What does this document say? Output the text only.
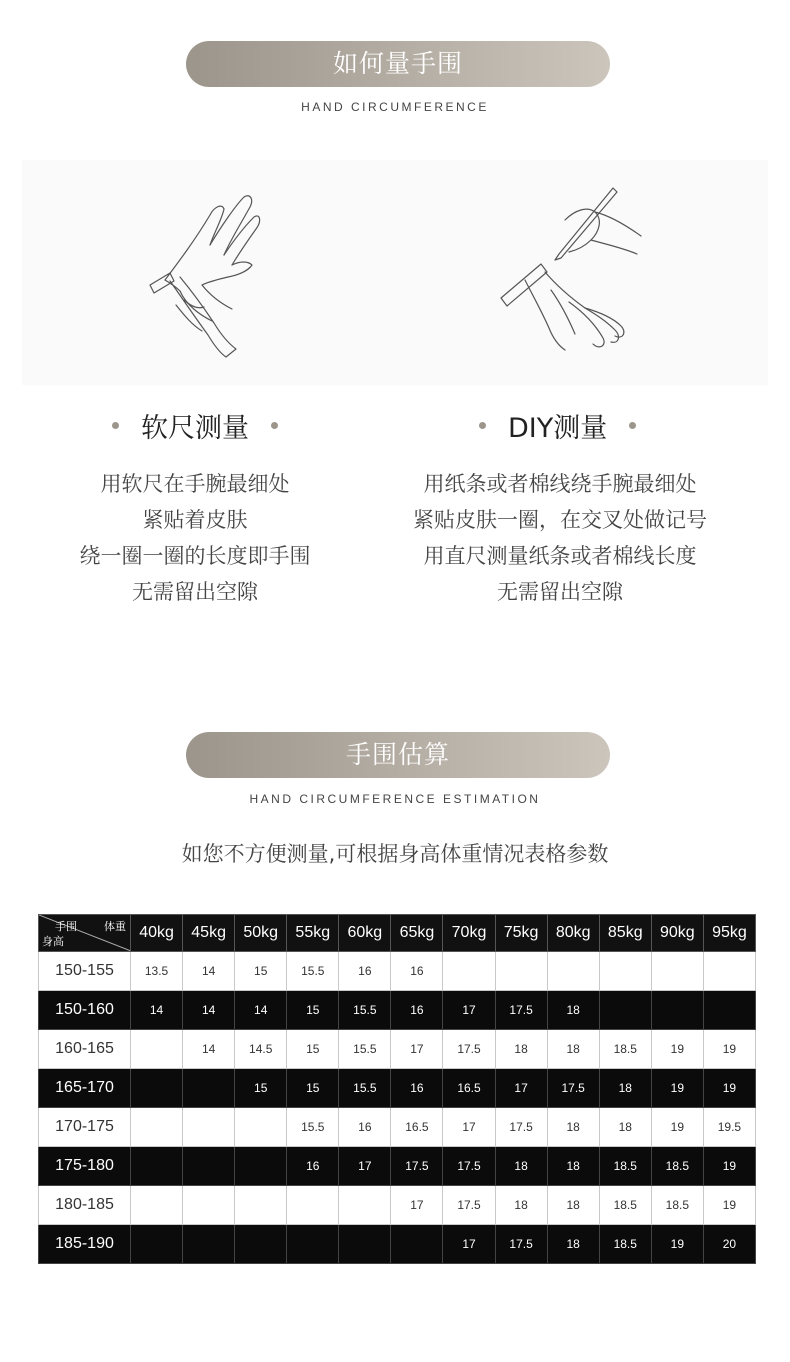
如何量手围
HAND CIRCUMFERENCE
软尺测量	DIY测量
用软尺在手腕最细处
紧贴着皮肤
绕一圈一圈的长度即手围
无需留出空隙
用纸条或者棉线绕手腕最细处
紧贴皮肤一圈，在交叉处做记号
用直尺测量纸条或者棉线长度
无需留出空隙
手围估算
HAND CIRCUMFERENCE ESTIMATION
如您不方便测量,可根据身高体重情况表格参数
手围 体重
身高	40kg	45kg	50kg	55kg	60kg	65kg	70kg	75kg	80kg	85kg	90kg	95kg
150-155	13.5	14	15	15.5	16	16						
150-160	14	14	14	15	15.5	16	17	17.5	18			
160-165		14	14.5	15	15.5	17	17.5	18	18	18.5	19	19
165-170			15	15	15.5	16	16.5	17	17.5	18	19	19
170-175				15.5	16	16.5	17	17.5	18	18	19	19.5
175-180				16	17	17.5	17.5	18	18	18.5	18.5	19
180-185						17	17.5	18	18	18.5	18.5	19
185-190							17	17.5	18	18.5	19	20
